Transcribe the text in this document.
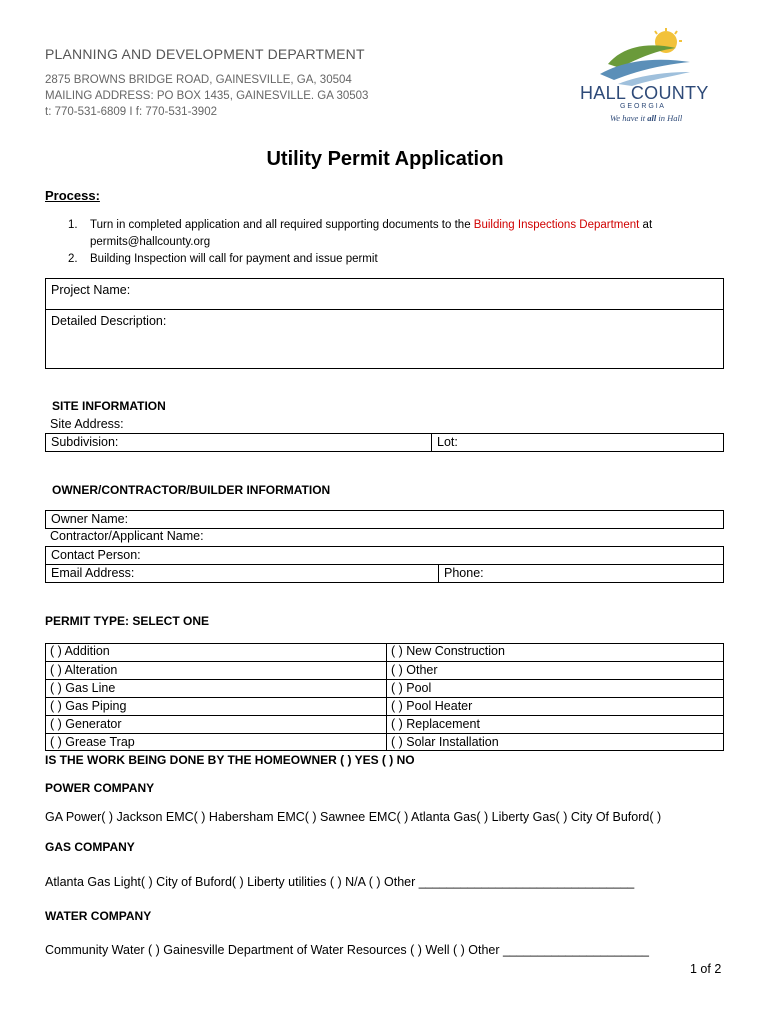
PLANNING AND DEVELOPMENT DEPARTMENT
2875 BROWNS BRIDGE ROAD, GAINESVILLE, GA, 30504
MAILING ADDRESS: PO BOX 1435, GAINESVILLE. GA 30503
t: 770-531-6809 I f: 770-531-3902
HALL COUNTY
G E O R G I A
We have it all in Hall
Utility Permit Application
Process:
1. Turn in completed application and all required supporting documents to the Building Inspections Department at
permits@hallcounty.org
2. Building Inspection will call for payment and issue permit
Project Name:
Detailed Description:
SITE INFORMATION
Site Address:
Subdivision:	Lot:
OWNER/CONTRACTOR/BUILDER INFORMATION
Owner Name:
Contractor/Applicant Name:
Contact Person:
Email Address:	Phone:
PERMIT TYPE: SELECT ONE
( ) Addition
( ) Alteration
( ) Gas Line
( ) Gas Piping
( ) Generator
( ) Grease Trap
( ) New Construction
( ) Other
( ) Pool
( ) Pool Heater
( ) Replacement
( ) Solar Installation
IS THE WORK BEING DONE BY THE HOMEOWNER ( ) YES ( ) NO
POWER COMPANY
GA Power( ) Jackson EMC( ) Habersham EMC( ) Sawnee EMC( ) Atlanta Gas( ) Liberty Gas( ) City Of Buford( )
GAS COMPANY
Atlanta Gas Light( ) City of Buford( ) Liberty utilities ( ) N/A ( ) Other _______________________________
WATER COMPANY
Community Water ( ) Gainesville Department of Water Resources ( ) Well ( ) Other _____________________
1 of 2
